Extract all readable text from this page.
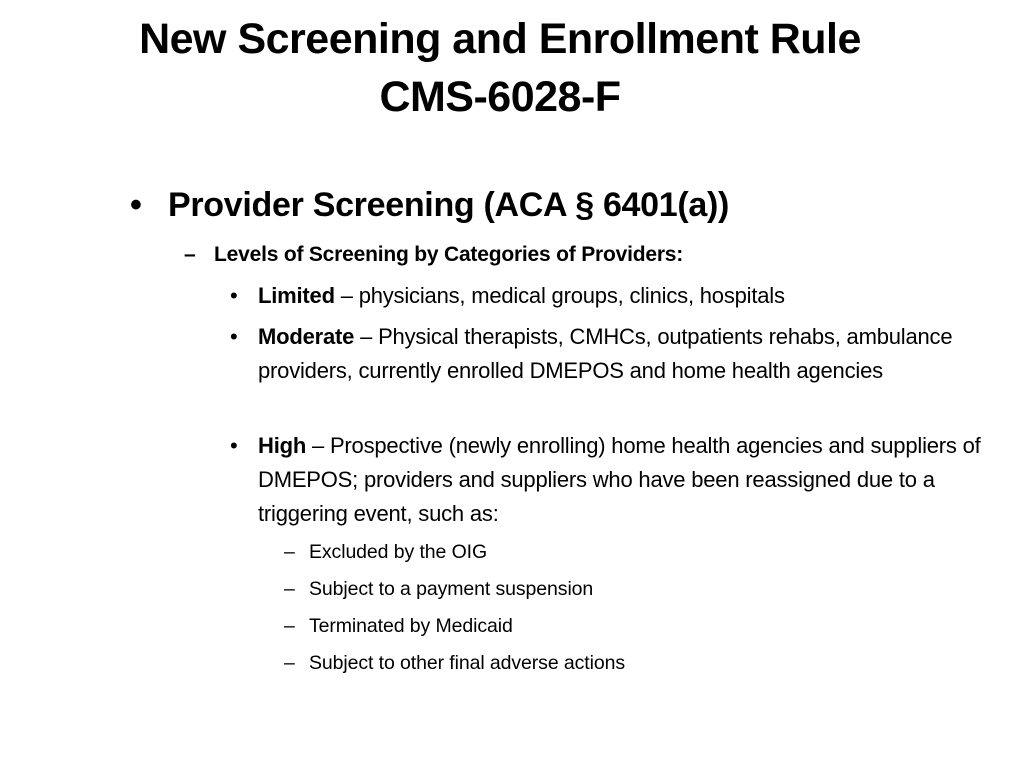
New Screening and Enrollment Rule
CMS-6028-F
• Provider Screening (ACA § 6401(a))
– Levels of Screening by Categories of Providers:
• Limited – physicians, medical groups, clinics, hospitals
• Moderate – Physical therapists, CMHCs, outpatients rehabs, ambulance providers, currently enrolled DMEPOS and home health agencies
• High – Prospective (newly enrolling) home health agencies and suppliers of DMEPOS; providers and suppliers who have been reassigned due to a triggering event, such as:
– Excluded by the OIG
– Subject to a payment suspension
– Terminated by Medicaid
– Subject to other final adverse actions
